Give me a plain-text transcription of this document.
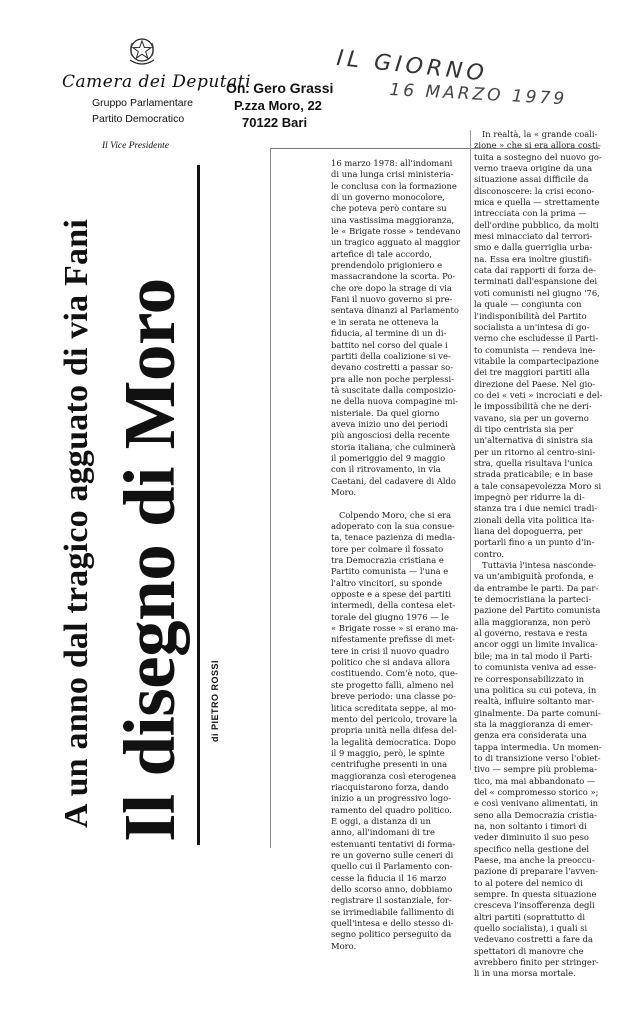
Camera dei Deputati
Gruppo Parlamentare
Partito Democratico
Il Vice Presidente
On. Gero Grassi
P.zza Moro, 22
70122 Bari
IL GIORNO
16 MARZO 1979
A un anno dal tragico agguato di via Fani Il disegno di Moro di PIETRO ROSSI

16 marzo 1978: all'indomani

di una lunga crisi ministeria-

le conclusa con la formazione

di un governo monocolore,

che poteva però contare su

una vastissima maggioranza,

le « Brigate rosse » tendevano

un tragico agguato al maggior

artefice di tale accordo,

prendendolo prigioniero e

massacrandone la scorta. Po-

che ore dopo la strage di via

Fani il nuovo governo si pre-

sentava dinanzi al Parlamento

e in serata ne otteneva la

fiducia, al termine di un di-

battito nel corso del quale i

partiti della coalizione si ve-

devano costretti a passar so-

pra alle non poche perplessi-

tà suscitate dalla composizio-

ne della nuova compagine mi-

nisteriale. Da quel giorno

aveva inizio uno dei periodi

più angosciosi della recente

storia italiana, che culminerà

il pomeriggio del 9 maggio

con il ritrovamento, in via

Caetani, del cadavere di Aldo

Moro.

Colpendo Moro, che si era

adoperato con la sua consue-

ta, tenace pazienza di media-

tore per colmare il fossato

tra Democrazia cristiana e

Partito comunista — l'una e

l'altro vincitori, su sponde

opposte e a spese dei partiti

intermedi, della contesa elet-

torale del giugno 1976 — le

« Brigate rosse » si erano ma-

nifestamente prefisse di met-

tere in crisi il nuovo quadro

politico che si andava allora

costituendo. Com'è noto, que-

ste progetto fallì, almeno nel

breve periodo: una classe po-

litica screditata seppe, al mo-

mento del pericolo, trovare la

propria unità nella difesa del-

la legalità democratica. Dopo

il 9 maggio, però, le spinte

centrifughe presenti in una

maggioranza così eterogenea

riacquistarono forza, dando

inizio a un progressivo logo-

ramento del quadro politico.

E oggi, a distanza di un

anno, all'indomani di tre

estenuanti tentativi di forma-

re un governo sulle ceneri di

quello cui il Parlamento con-

cesse la fiducia il 16 marzo

dello scorso anno, dobbiamo

registrare il sostanziale, for-

se irrimediabile fallimento di

quell'intesa e dello stesso di-

segno politico perseguito da

Moro.

In realtà, la « grande coali-

zione » che si era allora costi-

tuita a sostegno del nuovo go-

verno traeva origine da una

situazione assai difficile da

disconoscere: la crisi econo-

mica e quella — strettamente

intrecciata con la prima —

dell'ordine pubblico, da molti

mesi minacciato dal terrori-

smo e dalla guerriglia urba-

na. Essa era inoltre giustifi-

cata dai rapporti di forza de-

terminati dall'espansione dei

voti comunisti nel giugno '76,

la quale — congiunta con

l'indisponibilità del Partito

socialista a un'intesa di go-

verno che escludesse il Parti-

to comunista — rendeva ine-

vitabile la compartecipazione

dei tre maggiori partiti alla

direzione del Paese. Nel gio-

co dei « veti » incrociati e del-

le impossibilità che ne deri-

vavano, sia per un governo

di tipo centrista sia per

un'alternativa di sinistra sia

per un ritorno al centro-sini-

stra, quella risultava l'unica

strada praticabile; e in base

a tale consapevolezza Moro si

impegnò per ridurre la di-

stanza tra i due nemici tradi-

zionali della vita politica ita-

liana del dopoguerra, per

portarli fino a un punto d'in-

contro.

Tuttavia l'intesa nasconde-

va un'ambiguità profonda, e

da entrambe le parti. Da par-

te democristiana la parteci-

pazione del Partito comunista

alla maggioranza, non però

al governo, restava e resta

ancor oggi un limite invalica-

bile; ma in tal modo il Parti-

to comunista veniva ad esse-

re corresponsabilizzato in

una politica su cui poteva, in

realtà, influire soltanto mar-

ginalmente. Da parte comuni-

sta la maggioranza di emer-

genza era considerata una

tappa intermedia. Un momen-

to di transizione verso l'obiet-

tivo — sempre più problema-

tico, ma mai abbandonato —

del « compromesso storico »;

e così venivano alimentati, in

seno alla Democrazia cristia-

na, non soltanto i timori di

veder diminuito il suo peso

specifico nella gestione del

Paese, ma anche la preoccu-

pazione di preparare l'avven-

to al potere del nemico di

sempre. In questa situazione

cresceva l'insofferenza degli

altri partiti (soprattutto di

quello socialista), i quali si

vedevano costretti a fare da

spettatori di manovre che

avrebbero finito per stringer-

li in una morsa mortale.
